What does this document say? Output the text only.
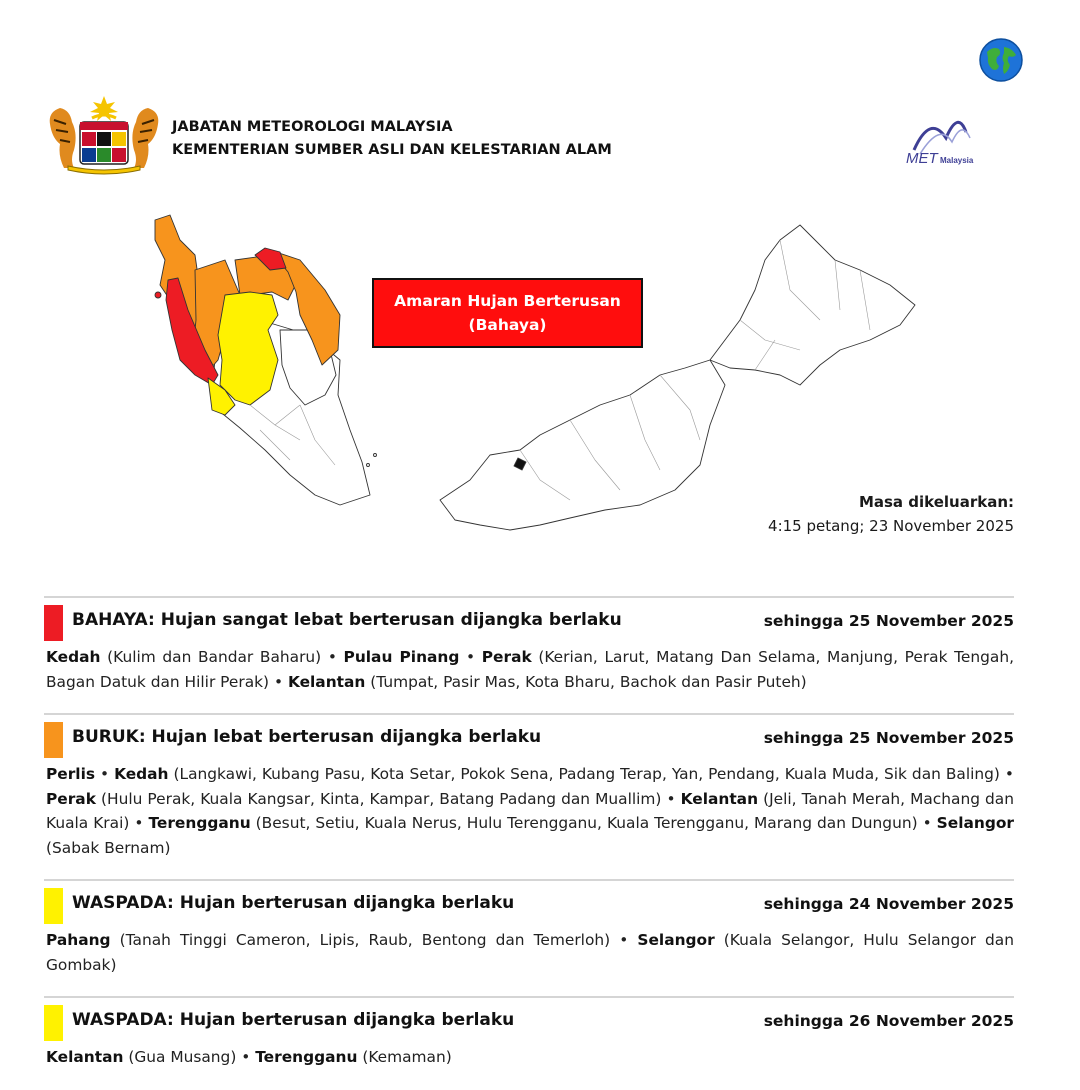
JABATAN METEOROLOGI MALAYSIA
KEMENTERIAN SUMBER ASLI DAN KELESTARIAN ALAM	MET Malaysia
Amaran Hujan Berterusan
(Bahaya)
Masa dikeluarkan:
4:15 petang; 23 November 2025
BAHAYA: Hujan sangat lebat berterusan dijangka berlaku	sehingga 25 November 2025
Kedah (Kulim dan Bandar Baharu) • Pulau Pinang • Perak (Kerian, Larut, Matang Dan Selama, Manjung, Perak Tengah, Bagan Datuk dan Hilir Perak) • Kelantan (Tumpat, Pasir Mas, Kota Bharu, Bachok dan Pasir Puteh)
BURUK: Hujan lebat berterusan dijangka berlaku	sehingga 25 November 2025
Perlis • Kedah (Langkawi, Kubang Pasu, Kota Setar, Pokok Sena, Padang Terap, Yan, Pendang, Kuala Muda, Sik dan Baling) • Perak (Hulu Perak, Kuala Kangsar, Kinta, Kampar, Batang Padang dan Muallim) • Kelantan (Jeli, Tanah Merah, Machang dan Kuala Krai) • Terengganu (Besut, Setiu, Kuala Nerus, Hulu Terengganu, Kuala Terengganu, Marang dan Dungun) • Selangor (Sabak Bernam)
WASPADA: Hujan berterusan dijangka berlaku	sehingga 24 November 2025
Pahang (Tanah Tinggi Cameron, Lipis, Raub, Bentong dan Temerloh) • Selangor (Kuala Selangor, Hulu Selangor dan Gombak)
WASPADA: Hujan berterusan dijangka berlaku	sehingga 26 November 2025
Kelantan (Gua Musang) • Terengganu (Kemaman)
